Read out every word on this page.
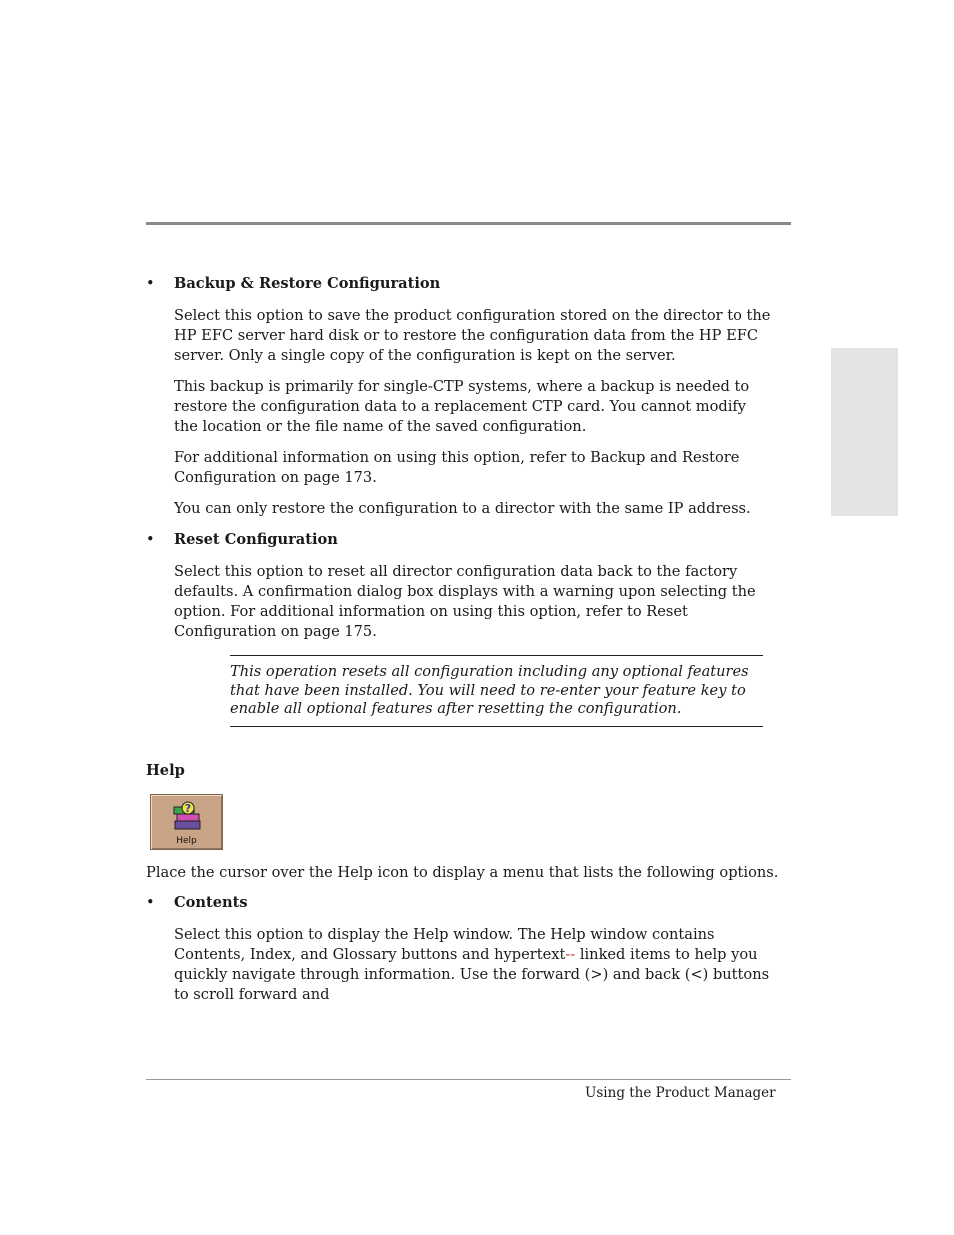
• Backup & Restore Configuration

Select this option to save the product configuration stored on the director to the HP EFC server hard disk or to restore the configuration data from the HP EFC server. Only a single copy of the configuration is kept on the server.

This backup is primarily for single-CTP systems, where a backup is needed to restore the configuration data to a replacement CTP card. You cannot modify the location or the file name of the saved configuration.

For additional information on using this option, refer to Backup and Restore Configuration on page 173.

You can only restore the configuration to a director with the same IP address.

• Reset Configuration

Select this option to reset all director configuration data back to the factory defaults. A confirmation dialog box displays with a warning upon selecting the option. For additional information on using this option, refer to Reset Configuration on page 175.

This operation resets all configuration including any optional features that have been installed. You will need to re-enter your feature key to enable all optional features after resetting the configuration.
Help
?
Help

Place the cursor over the Help icon to display a menu that lists the following options.

• Contents

Select this option to display the Help window. The Help window contains Contents, Index, and Glossary buttons and hypertext-- linked items to help you quickly navigate through information. Use the forward (>) and back (<) buttons to scroll forward and

Using the Product Manager
